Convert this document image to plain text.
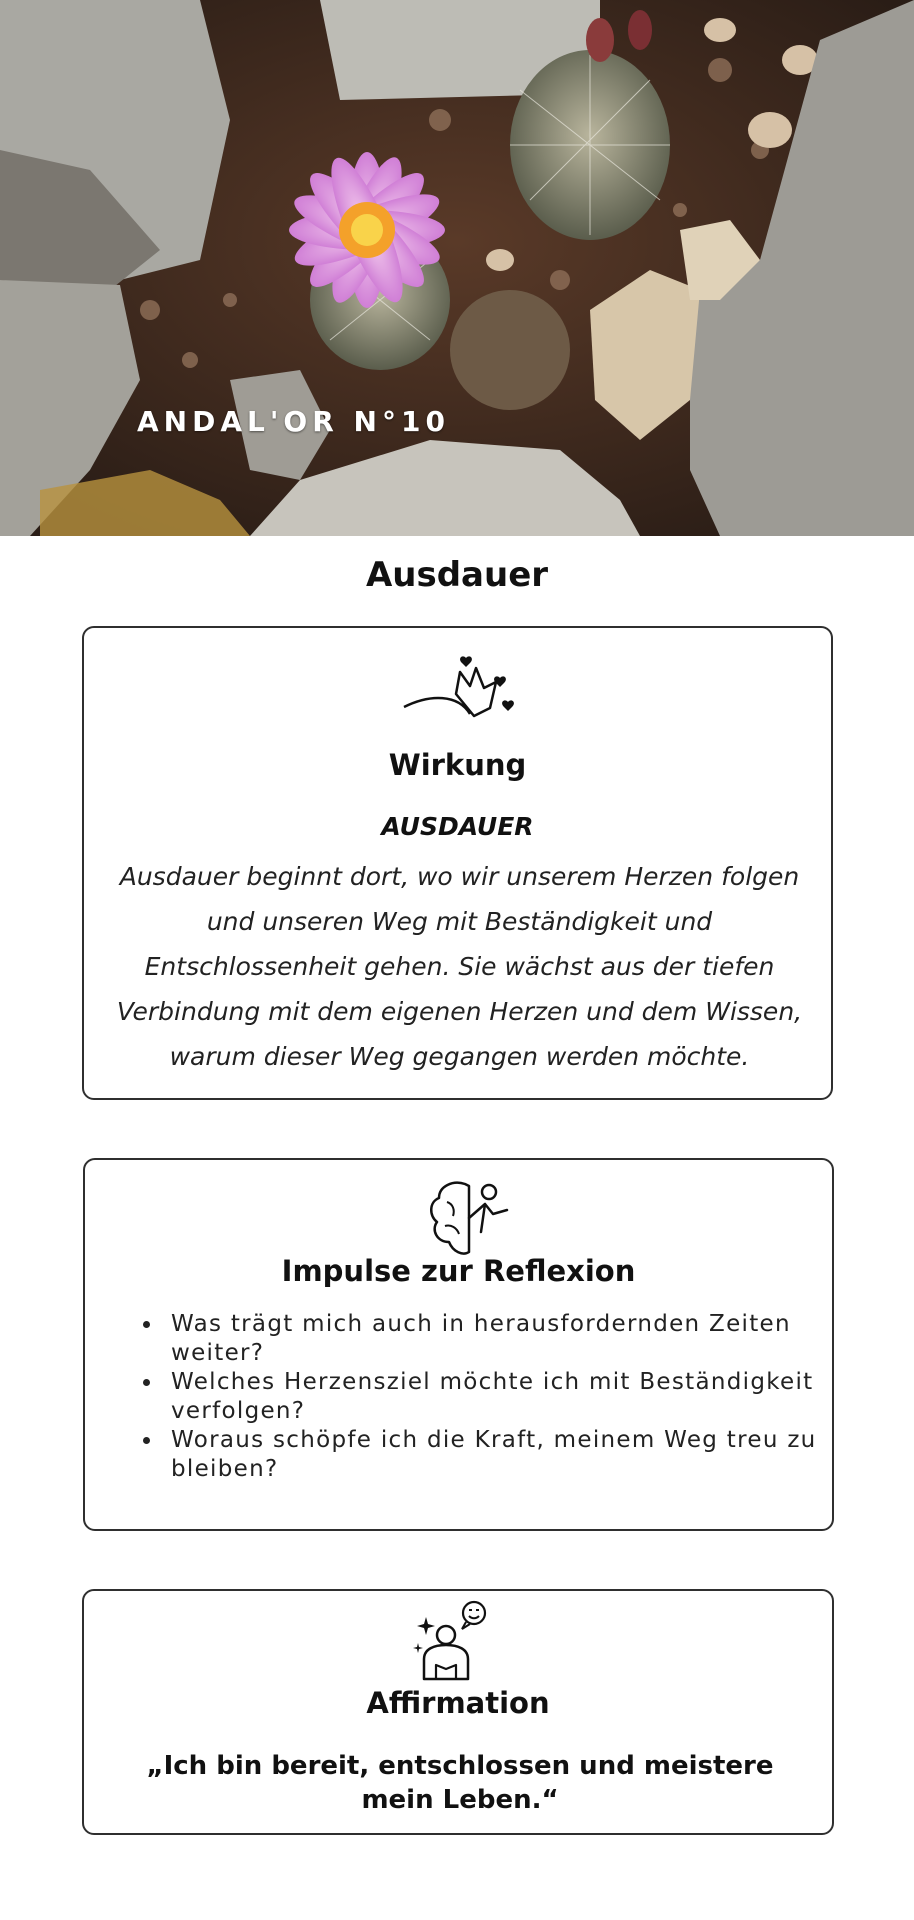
ANDAL'OR N°10
Ausdauer
Wirkung
AUSDAUER
Ausdauer beginnt dort, wo wir unserem Herzen folgen und unseren Weg mit Beständigkeit und Entschlossenheit gehen. Sie wächst aus der tiefen Verbindung mit dem eigenen Herzen und dem Wissen, warum dieser Weg gegangen werden möchte.
Impulse zur Reflexion
• Was trägt mich auch in herausfordernden Zeiten weiter?
• Welches Herzensziel möchte ich mit Beständigkeit verfolgen?
• Woraus schöpfe ich die Kraft, meinem Weg treu zu bleiben?
Affirmation
„Ich bin bereit, entschlossen und meistere mein Leben.“
